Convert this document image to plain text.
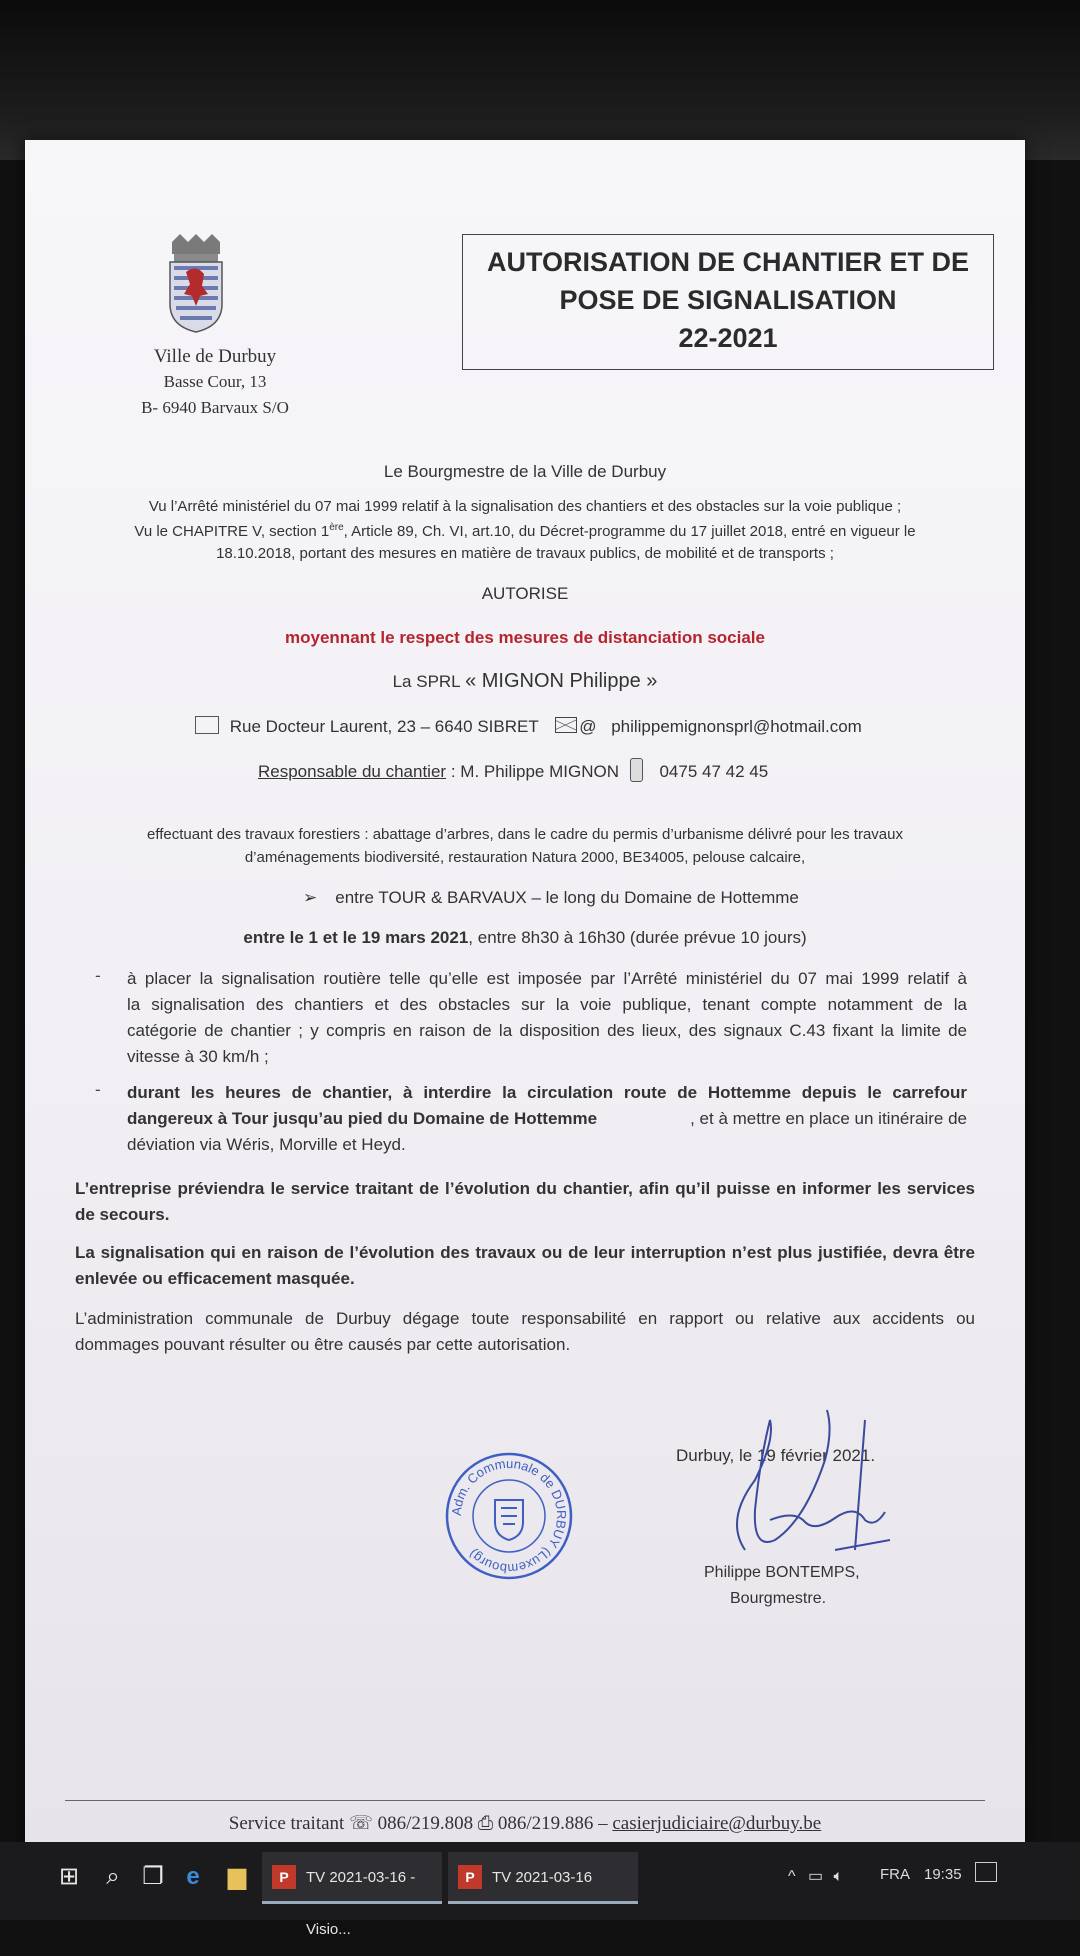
Ville de Durbuy
Basse Cour, 13
B- 6940 Barvaux S/O
AUTORISATION DE CHANTIER ET DE
POSE DE SIGNALISATION
22-2021
Le Bourgmestre de la Ville de Durbuy
Vu l’Arrêté ministériel du 07 mai 1999 relatif à la signalisation des chantiers et des obstacles sur la voie publique ;
Vu le CHAPITRE V, section 1ère, Article 89, Ch. VI, art.10, du Décret-programme du 17 juillet 2018, entré en vigueur le
18.10.2018, portant des mesures en matière de travaux publics, de mobilité et de transports ;
AUTORISE
moyennant le respect des mesures de distanciation sociale
La SPRL « MIGNON Philippe »
Rue Docteur Laurent, 23 – 6640 SIBRET @ philippemignonsprl@hotmail.com
Responsable du chantier : M. Philippe MIGNON 0475 47 42 45
effectuant des travaux forestiers : abattage d’arbres, dans le cadre du permis d’urbanisme délivré pour les travaux
d’aménagements biodiversité, restauration Natura 2000, BE34005, pelouse calcaire,
➢ entre TOUR & BARVAUX – le long du Domaine de Hottemme
entre le 1 et le 19 mars 2021, entre 8h30 à 16h30 (durée prévue 10 jours)
- à placer la signalisation routière telle qu’elle est imposée par l’Arrêté ministériel du 07 mai 1999 relatif à
la signalisation des chantiers et des obstacles sur la voie publique, tenant compte notamment de la
catégorie de chantier ; y compris en raison de la disposition des lieux, des signaux C.43 fixant la limite de
vitesse à 30 km/h ;
- durant les heures de chantier, à interdire la circulation route de Hottemme depuis le carrefour
dangereux à Tour jusqu’au pied du Domaine de Hottemme	, et à mettre en place un itinéraire de
déviation via Wéris, Morville et Heyd.
L’entreprise préviendra le service traitant de l’évolution du chantier, afin qu’il puisse en informer les services
de secours.
La signalisation qui en raison de l’évolution des travaux ou de leur interruption n’est plus justifiée, devra être
enlevée ou efficacement masquée.
L’administration communale de Durbuy dégage toute responsabilité en rapport ou relative aux accidents ou
dommages pouvant résulter ou être causés par cette autorisation.
Adm. Communale de DURBUY (Luxembourg)
Durbuy, le 19 février 2021.
Philippe BONTEMPS,
Bourgmestre.
Service traitant ☏ 086/219.808 ⎙ 086/219.886 – casierjudiciaire@durbuy.be
⊞	⌕ ❐ e	▆	P	TV 2021-03-16 - Visio...
P	TV 2021-03-16	^ ▭ 🔈︎ FRA 19:35
